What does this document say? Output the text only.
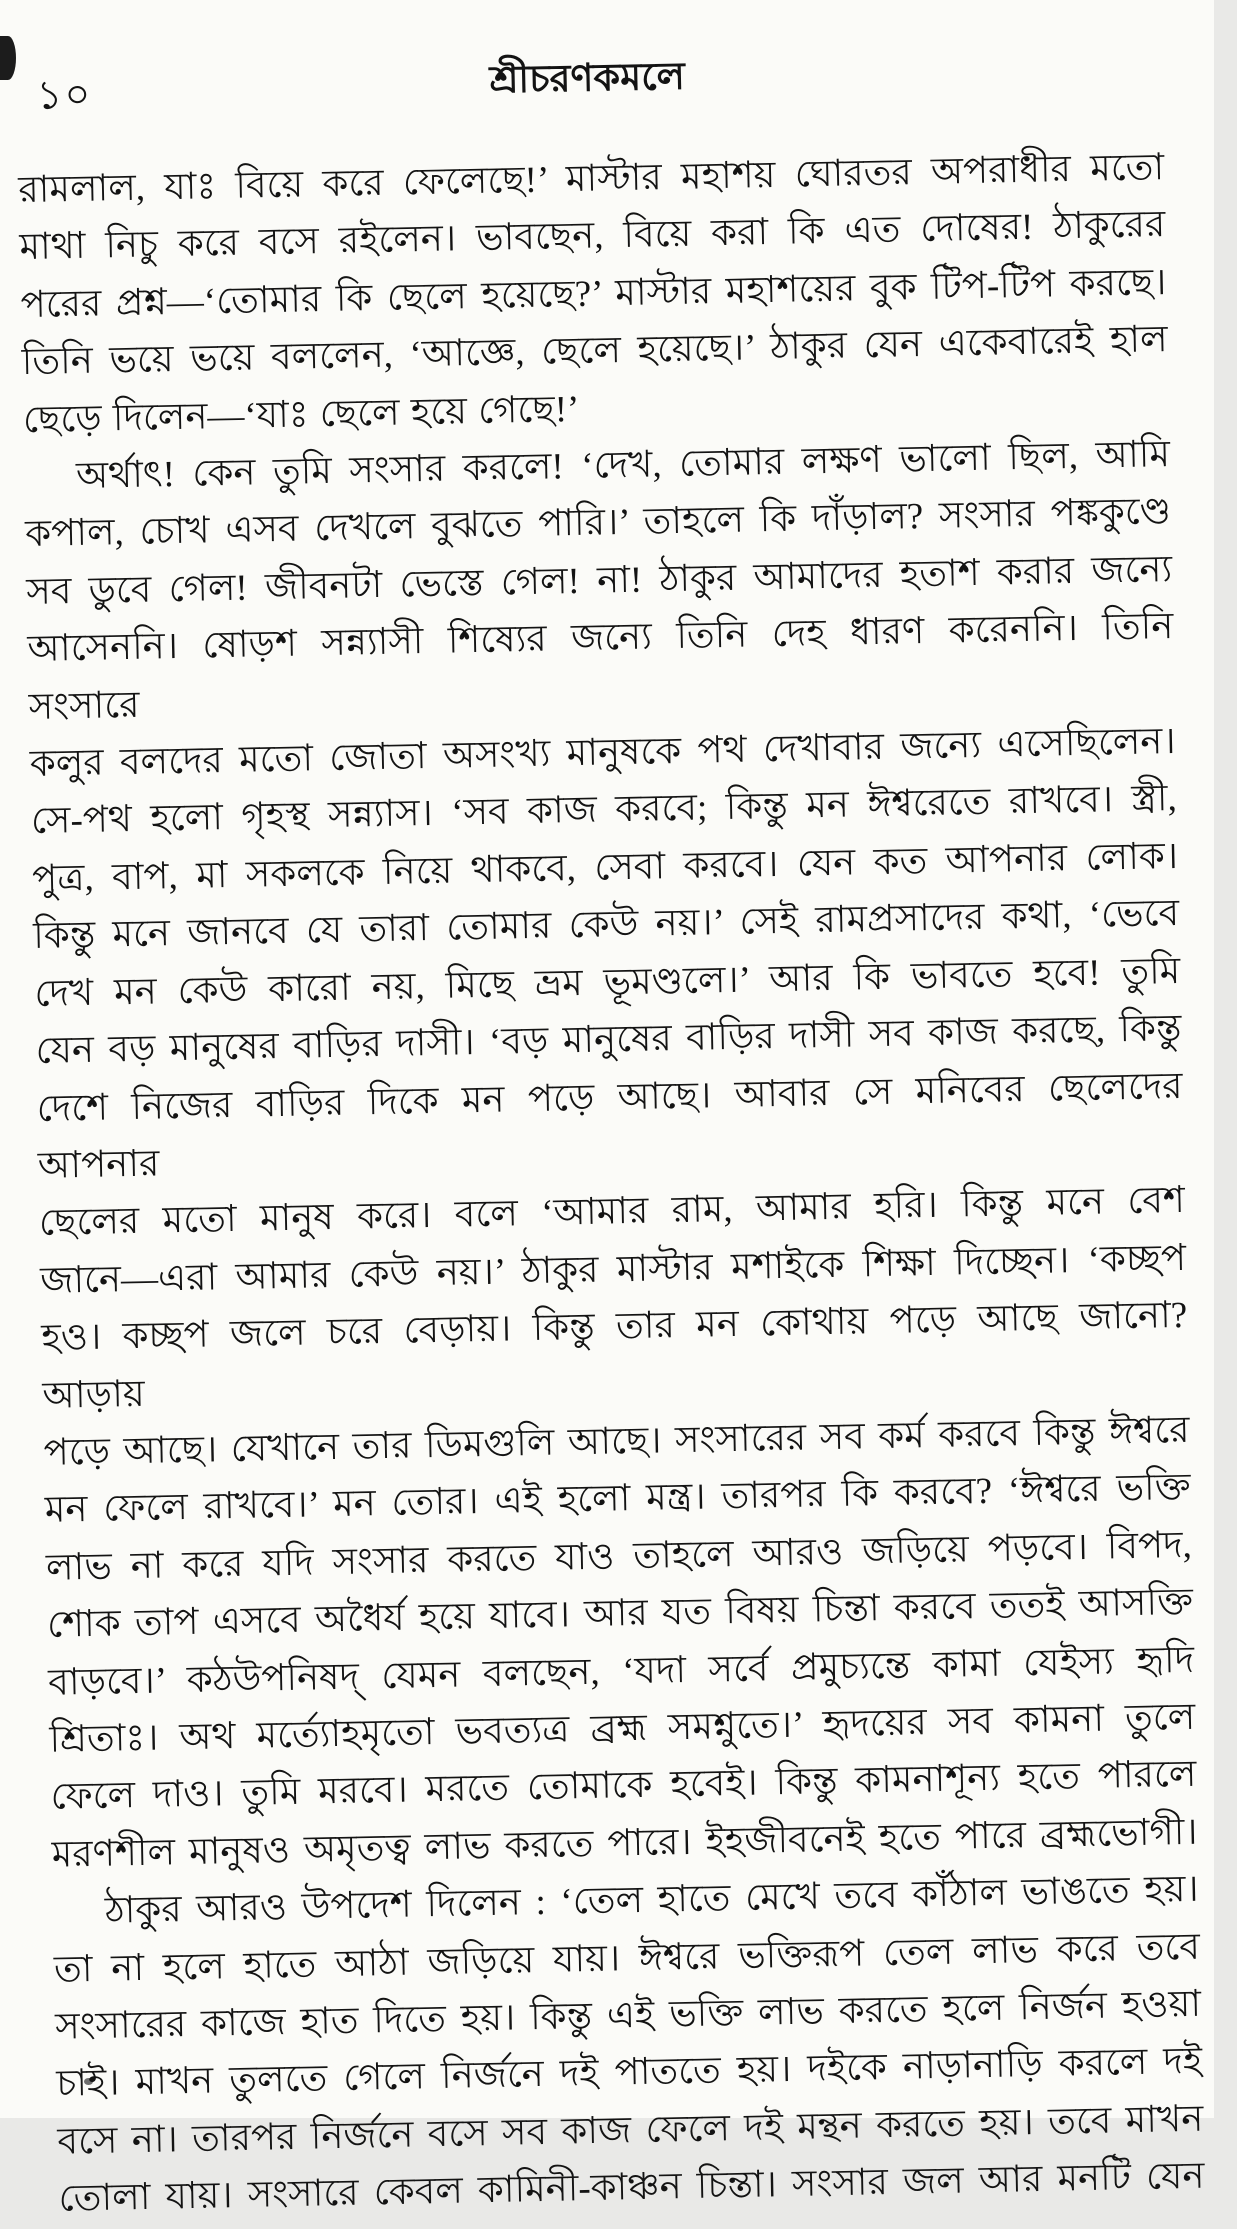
১০	শ্রীচরণকমলে

রামলাল, যাঃ বিয়ে করে ফেলেছে!’ মাস্টার মহাশয় ঘোরতর অপরাধীর মতো
মাথা নিচু করে বসে রইলেন। ভাবছেন, বিয়ে করা কি এত দোষের! ঠাকুরের
পরের প্রশ্ন—‘তোমার কি ছেলে হয়েছে?’ মাস্টার মহাশয়ের বুক টিপ-টিপ করছে।
তিনি ভয়ে ভয়ে বললেন, ‘আজ্ঞে, ছেলে হয়েছে।’ ঠাকুর যেন একেবারেই হাল
ছেড়ে দিলেন—‘যাঃ ছেলে হয়ে গেছে!’

অর্থাৎ! কেন তুমি সংসার করলে! ‘দেখ, তোমার লক্ষণ ভালো ছিল, আমি
কপাল, চোখ এসব দেখলে বুঝতে পারি।’ তাহলে কি দাঁড়াল? সংসার পঙ্ককুণ্ডে
সব ডুবে গেল! জীবনটা ভেস্তে গেল! না! ঠাকুর আমাদের হতাশ করার জন্যে
আসেননি। ষোড়শ সন্ন্যাসী শিষ্যের জন্যে তিনি দেহ ধারণ করেননি। তিনি সংসারে
কলুর বলদের মতো জোতা অসংখ্য মানুষকে পথ দেখাবার জন্যে এসেছিলেন।
সে-পথ হলো গৃহস্থ সন্ন্যাস। ‘সব কাজ করবে; কিন্তু মন ঈশ্বরেতে রাখবে। স্ত্রী,
পুত্র, বাপ, মা সকলকে নিয়ে থাকবে, সেবা করবে। যেন কত আপনার লোক।
কিন্তু মনে জানবে যে তারা তোমার কেউ নয়।’ সেই রামপ্রসাদের কথা, ‘ভেবে
দেখ মন কেউ কারো নয়, মিছে ভ্রম ভূমণ্ডলে।’ আর কি ভাবতে হবে! তুমি
যেন বড় মানুষের বাড়ির দাসী। ‘বড় মানুষের বাড়ির দাসী সব কাজ করছে, কিন্তু
দেশে নিজের বাড়ির দিকে মন পড়ে আছে। আবার সে মনিবের ছেলেদের আপনার
ছেলের মতো মানুষ করে। বলে ‘আমার রাম, আমার হরি। কিন্তু মনে বেশ
জানে—এরা আমার কেউ নয়।’ ঠাকুর মাস্টার মশাইকে শিক্ষা দিচ্ছেন। ‘কচ্ছপ
হও। কচ্ছপ জলে চরে বেড়ায়। কিন্তু তার মন কোথায় পড়ে আছে জানো? আড়ায়
পড়ে আছে। যেখানে তার ডিমগুলি আছে। সংসারের সব কর্ম করবে কিন্তু ঈশ্বরে
মন ফেলে রাখবে।’ মন তোর। এই হলো মন্ত্র। তারপর কি করবে? ‘ঈশ্বরে ভক্তি
লাভ না করে যদি সংসার করতে যাও তাহলে আরও জড়িয়ে পড়বে। বিপদ,
শোক তাপ এসবে অধৈর্য হয়ে যাবে। আর যত বিষয় চিন্তা করবে ততই আসক্তি
বাড়বে।’ কঠউপনিষদ্ যেমন বলছেন, ‘যদা সর্বে প্রমুচ্যন্তে কামা যেইস্য হৃদি
শ্রিতাঃ। অথ মর্ত্যোহমৃতো ভবত্যত্র ব্রহ্ম সমশ্নুতে।’ হৃদয়ের সব কামনা তুলে
ফেলে দাও। তুমি মরবে। মরতে তোমাকে হবেই। কিন্তু কামনাশূন্য হতে পারলে
মরণশীল মানুষও অমৃতত্ব লাভ করতে পারে। ইহজীবনেই হতে পারে ব্রহ্মভোগী।

ঠাকুর আরও উপদেশ দিলেন : ‘তেল হাতে মেখে তবে কাঁঠাল ভাঙতে হয়।
তা না হলে হাতে আঠা জড়িয়ে যায়। ঈশ্বরে ভক্তিরূপ তেল লাভ করে তবে
সংসারের কাজে হাত দিতে হয়। কিন্তু এই ভক্তি লাভ করতে হলে নির্জন হওয়া
চাই। মাখন তুলতে গেলে নির্জনে দই পাততে হয়। দইকে নাড়ানাড়ি করলে দই
বসে না। তারপর নির্জনে বসে সব কাজ ফেলে দই মন্থন করতে হয়। তবে মাখন
তোলা যায়। সংসারে কেবল কামিনী-কাঞ্চন চিন্তা। সংসার জল আর মনটি যেন
